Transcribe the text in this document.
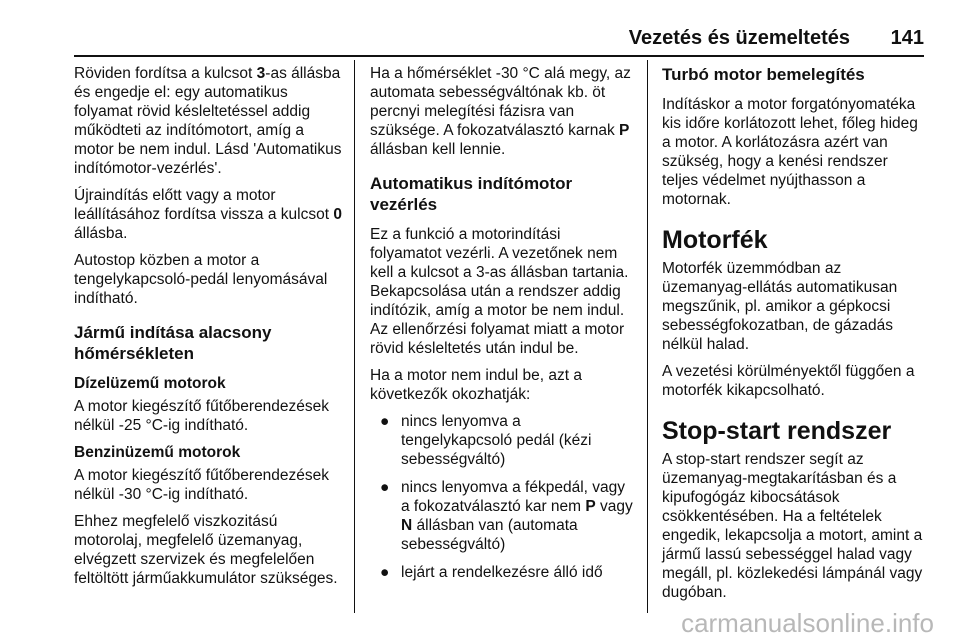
Vezetés és üzemeltetés 141

Röviden fordítsa a kulcsot 3-as állásba és engedje el: egy automatikus folyamat rövid késleltetéssel addig működteti az indítómotort, amíg a motor be nem indul. Lásd 'Automatikus indítómotor-vezérlés'.

Újraindítás előtt vagy a motor leállításához fordítsa vissza a kulcsot 0 állásba.

Autostop közben a motor a tengelykapcsoló-pedál lenyomásával indítható.

Jármű indítása alacsony hőmérsékleten
Dízelüzemű motorok

A motor kiegészítő fűtőberendezések nélkül -25 °C-ig indítható.

Benzinüzemű motorok

A motor kiegészítő fűtőberendezések nélkül -30 °C-ig indítható.

Ehhez megfelelő viszkozitású motorolaj, megfelelő üzemanyag, elvégzett szervizek és megfelelően feltöltött járműakkumulátor szükséges.

Ha a hőmérséklet -30 °C alá megy, az automata sebességváltónak kb. öt percnyi melegítési fázisra van szüksége. A fokozatválasztó karnak P állásban kell lennie.

Automatikus indítómotor vezérlés

Ez a funkció a motorindítási folyamatot vezérli. A vezetőnek nem kell a kulcsot a 3-as állásban tartania. Bekapcsolása után a rendszer addig indítózik, amíg a motor be nem indul. Az ellenőrzési folyamat miatt a motor rövid késleltetés után indul be.

Ha a motor nem indul be, azt a következők okozhatják:

● nincs lenyomva a tengelykapcsoló pedál (kézi sebességváltó)
● nincs lenyomva a fékpedál, vagy a fokozatválasztó kar nem P vagy N állásban van (automata sebességváltó)
● lejárt a rendelkezésre álló idő
Turbó motor bemelegítés

Indításkor a motor forgatónyomatéka kis időre korlátozott lehet, főleg hideg a motor. A korlátozásra azért van szükség, hogy a kenési rendszer teljes védelmet nyújthasson a motornak.

Motorfék

Motorfék üzemmódban az üzemanyag-ellátás automatikusan megszűnik, pl. amikor a gépkocsi sebességfokozatban, de gázadás nélkül halad.

A vezetési körülményektől függően a motorfék kikapcsolható.

Stop-start rendszer

A stop-start rendszer segít az üzemanyag-megtakarításban és a kipufogógáz kibocsátások csökkentésében. Ha a feltételek engedik, lekapcsolja a motort, amint a jármű lassú sebességgel halad vagy megáll, pl. közlekedési lámpánál vagy dugóban.

carmanualsonline.info
